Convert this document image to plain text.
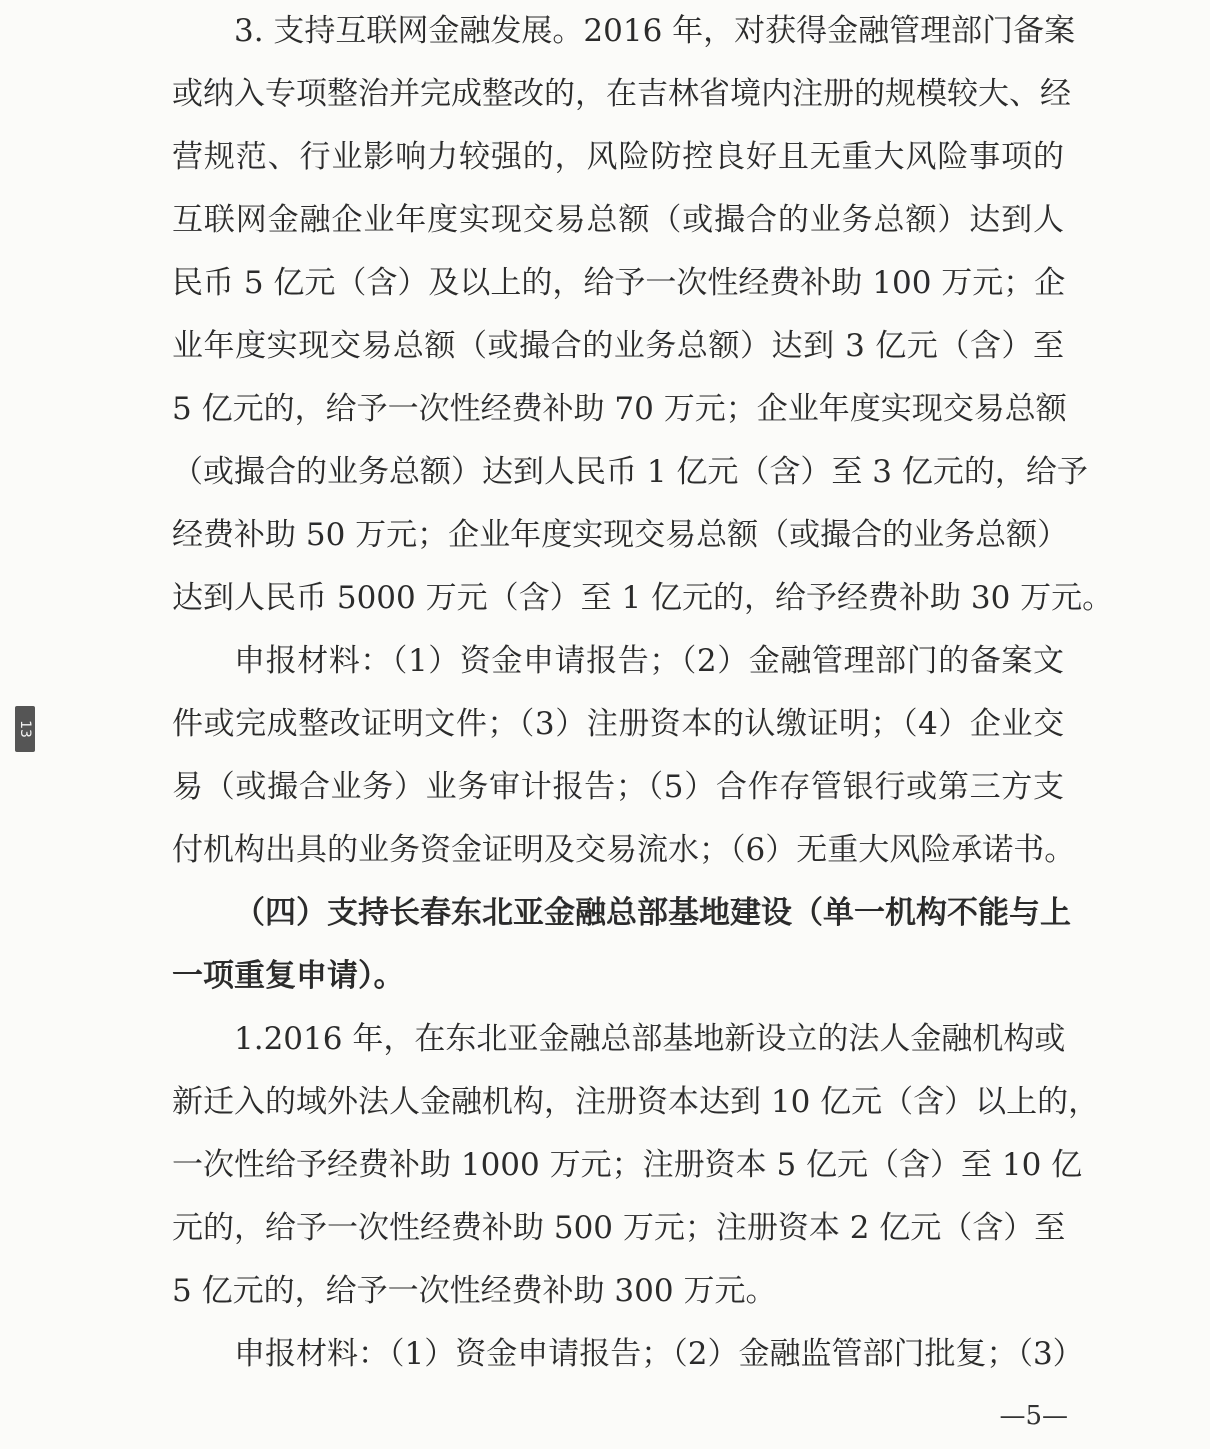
3. 支持互联网金融发展。2016 年，对获得金融管理部门备案
或纳入专项整治并完成整改的，在吉林省境内注册的规模较大、经
营规范、行业影响力较强的，风险防控良好且无重大风险事项的
互联网金融企业年度实现交易总额（或撮合的业务总额）达到人
民币 5 亿元（含）及以上的，给予一次性经费补助 100 万元；企
业年度实现交易总额（或撮合的业务总额）达到 3 亿元（含）至
5 亿元的，给予一次性经费补助 70 万元；企业年度实现交易总额
（或撮合的业务总额）达到人民币 1 亿元（含）至 3 亿元的，给予
经费补助 50 万元；企业年度实现交易总额（或撮合的业务总额）
达到人民币 5000 万元（含）至 1 亿元的，给予经费补助 30 万元。
申报材料：（1）资金申请报告；（2）金融管理部门的备案文
件或完成整改证明文件；（3）注册资本的认缴证明；（4）企业交
易（或撮合业务）业务审计报告；（5）合作存管银行或第三方支
付机构出具的业务资金证明及交易流水；（6）无重大风险承诺书。
（四）支持长春东北亚金融总部基地建设（单一机构不能与上
一项重复申请）。
1.2016 年，在东北亚金融总部基地新设立的法人金融机构或
新迁入的域外法人金融机构，注册资本达到 10 亿元（含）以上的，
一次性给予经费补助 1000 万元；注册资本 5 亿元（含）至 10 亿
元的，给予一次性经费补助 500 万元；注册资本 2 亿元（含）至
5 亿元的，给予一次性经费补助 300 万元。
申报材料：（1）资金申请报告；（2）金融监管部门批复；（3）
13
—5—
